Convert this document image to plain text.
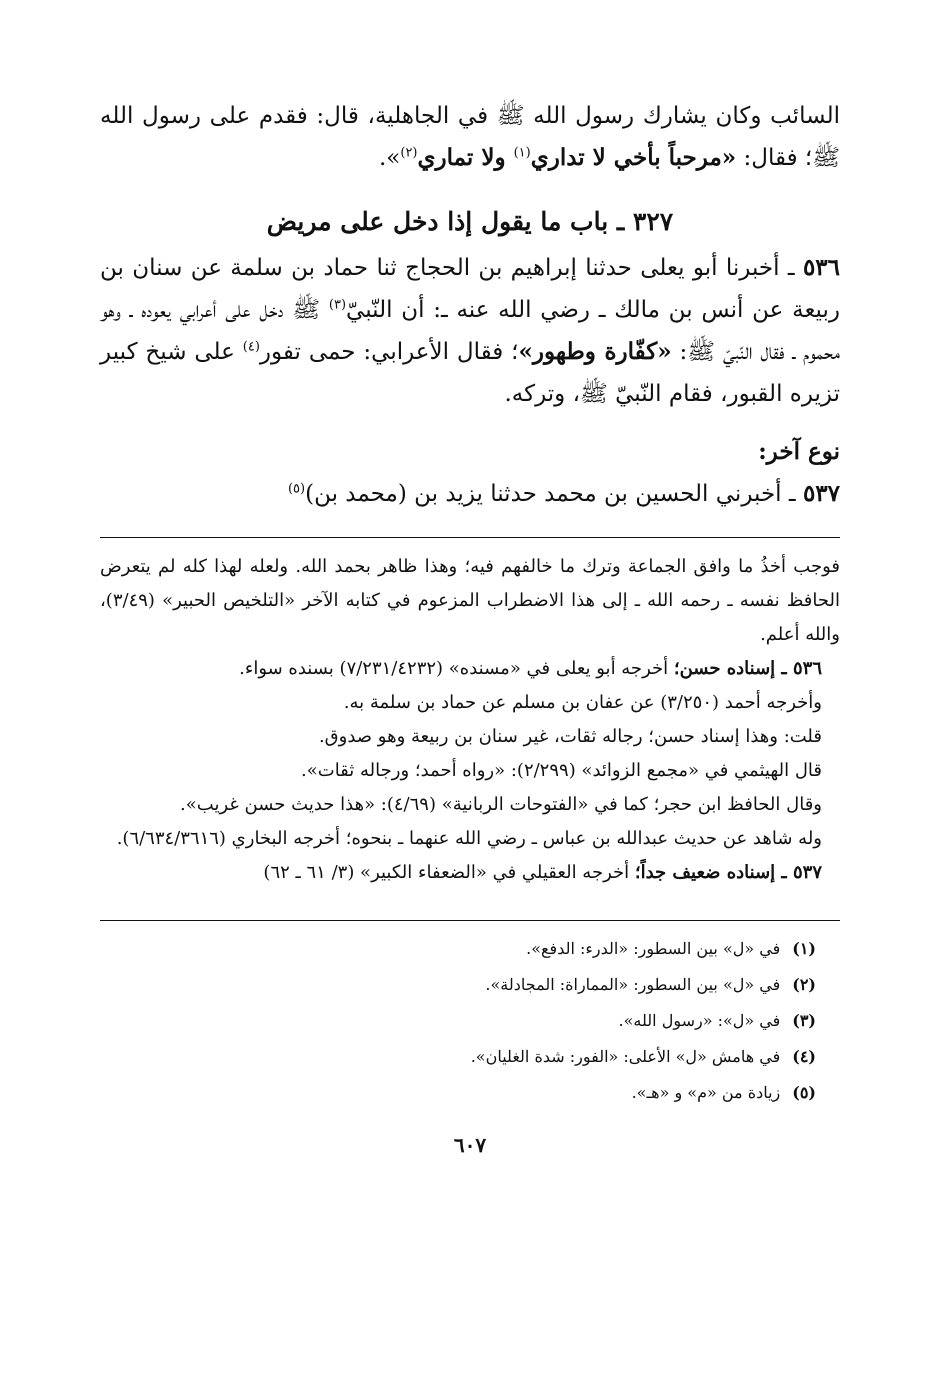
السائب وكان يشارك رسول الله ﷺ في الجاهلية، قال: فقدم على رسول الله ﷺ؛ فقال: «مرحباً بأخي لا تداري$^{(١)}$ ولا تماري$^{(٢)}$».

٣٢٧ ـ باب ما يقول إذا دخل على مريض

٥٣٦ ـ أخبرنا أبو يعلى حدثنا إبراهيم بن الحجاج ثنا حماد بن سلمة عن سنان بن ربيعة عن أنس بن مالك ـ رضي الله عنه ـ: أن النّبيّ$^{(٣)}$ ﷺ دخل على أعرابي يعوده ـ وهو محموم ـ فقال النّبيّ ﷺ: «كفّارة وطهور»؛ فقال الأعرابي: حمى تفور$^{(٤)}$ على شيخ كبير تزيره القبور، فقام النّبيّ ﷺ، وتركه.

نوع آخر:

٥٣٧ ـ أخبرني الحسين بن محمد حدثنا يزيد بن (محمد بن)$^{(٥)}$

فوجب أخذُ ما وافق الجماعة وترك ما خالفهم فيه؛ وهذا ظاهر بحمد الله. ولعله لهذا كله لم يتعرض الحافظ نفسه ـ رحمه الله ـ إلى هذا الاضطراب المزعوم في كتابه الآخر «التلخيص الحبير» (٣/٤٩)، والله أعلم.

٥٣٦ ـ إسناده حسن؛ أخرجه أبو يعلى في «مسنده» (٧/٢٣١/٤٢٣٢) بسنده سواء.

وأخرجه أحمد (٣/٢٥٠) عن عفان بن مسلم عن حماد بن سلمة به.

قلت: وهذا إسناد حسن؛ رجاله ثقات، غير سنان بن ربيعة وهو صدوق.

قال الهيثمي في «مجمع الزوائد» (٢/٢٩٩): «رواه أحمد؛ ورجاله ثقات».

وقال الحافظ ابن حجر؛ كما في «الفتوحات الربانية» (٤/٦٩): «هذا حديث حسن غريب».

وله شاهد عن حديث عبدالله بن عباس ـ رضي الله عنهما ـ بنحوه؛ أخرجه البخاري (٦/٦٣٤/٣٦١٦).

٥٣٧ ـ إسناده ضعيف جداً؛ أخرجه العقيلي في «الضعفاء الكبير» (٣/ ٦١ ـ ٦٢)

(١)في «ل» بين السطور: «الدرء: الدفع».
(٢)في «ل» بين السطور: «المماراة: المجادلة».
(٣)في «ل»: «رسول الله».
(٤)في هامش «ل» الأعلى: «الفور: شدة الغليان».
(٥)زيادة من «م» و «هـ».
٦٠٧
